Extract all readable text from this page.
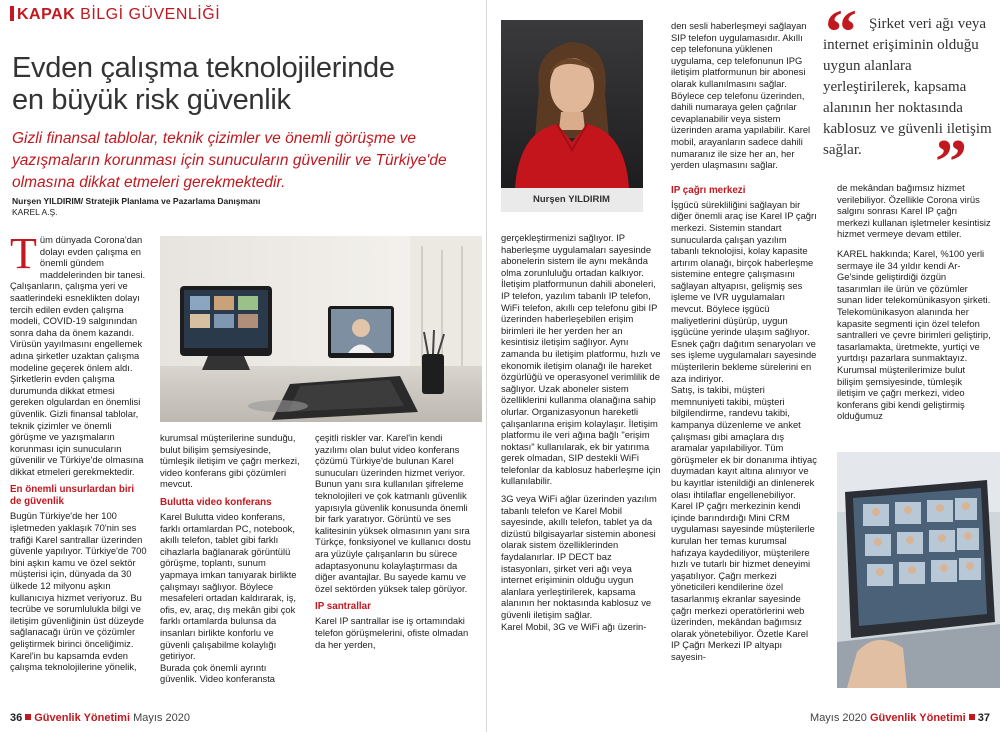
KAPAK BİLGİ GÜVENLİĞİ
Evden çalışma teknolojilerinde
en büyük risk güvenlik
Gizli finansal tablolar, teknik çizimler ve önemli görüşme ve yazışmaların korunması için sunucuların güvenilir ve Türkiye'de olmasına dikkat etmeleri gerekmektedir.
Nurşen YILDIRIM/ Stratejik Planlama ve Pazarlama Danışmanı
KAREL A.Ş.

Tüm dünyada Corona'dan dolayı evden çalışma en önemli gündem maddelerinden bir tanesi. Çalışanların, çalışma yeri ve saatlerindeki esneklikten dolayı tercih edilen evden çalışma modeli, COVID-19 salgınından sonra daha da önem kazandı. Virüsün yayılmasını engellemek adına şirketler uzaktan çalışma modeline geçerek önlem aldı. Şirketlerin evden çalışma durumunda dikkat etmesi gereken olgulardan en önemlisi güvenlik. Gizli finansal tablolar, teknik çizimler ve önemli görüşme ve yazışmaların korunması için sunucuların güvenilir ve Türkiye'de olmasına dikkat etmeleri gerekmektedir.

En önemli unsurlardan biri de güvenlik

Bugün Türkiye'de her 100 işletmeden yaklaşık 70'nin ses trafiği Karel santrallar üzerinden güvenle yapılıyor. Türkiye'de 700 bini aşkın kamu ve özel sektör müşterisi için, dünyada da 30 ülkede 12 milyonu aşkın kullanıcıya hizmet veriyoruz. Bu tecrübe ve sorumlulukla bilgi ve iletişim güvenliğinin üst düzeyde sağlanacağı ürün ve çözümler geliştirmek birinci önceliğimiz.

Karel'in bu kapsamda evden çalışma teknolojilerine yönelik,

kurumsal müşterilerine sunduğu, bulut bilişim şemsiyesinde, tümleşik iletişim ve çağrı merkezi, video konferans gibi çözümleri mevcut.

Bulutta video konferans

Karel Bulutta video konferans, farklı ortamlardan PC, notebook, akıllı telefon, tablet gibi farklı cihazlarla bağlanarak görüntülü görüşme, toplantı, sunum yapmaya imkan tanıyarak birlikte çalışmayı sağlıyor. Böylece mesafeleri ortadan kaldırarak, iş, ofis, ev, araç, dış mekân gibi çok farklı ortamlarda bulunsa da insanları birlikte konforlu ve güvenli çalışabilme kolaylığı getiriyor.

Burada çok önemli ayrıntı güvenlik. Video konferansta

çeşitli riskler var. Karel'in kendi yazılımı olan bulut video konferans çözümü Türkiye'de bulunan Karel sunucuları üzerinden hizmet veriyor. Bunun yanı sıra kullanılan şifreleme teknolojileri ve çok katmanlı güvenlik yapısıyla güvenlik konusunda önemli bir fark yaratıyor. Görüntü ve ses kalitesinin yüksek olmasının yanı sıra Türkçe, fonksiyonel ve kullanıcı dostu ara yüzüyle çalışanların bu sürece adaptasyonunu kolaylaştırması da diğer avantajlar. Bu sayede kamu ve özel sektörden yüksek talep görüyor.

IP santrallar

Karel IP santrallar ise iş ortamındaki telefon görüşmelerini, ofiste olmadan da her yerden,

36 Güvenlik Yönetimi Mayıs 2020
Nurşen YILDIRIM
“ Şirket veri ağı veya internet erişiminin olduğu uygun alanlara yerleştirilerek, kapsama alanının her noktasında kablosuz ve güvenli iletişim sağlar.	”

gerçekleştirmenizi sağlıyor. IP haberleşme uygulamaları sayesinde abonelerin sistem ile aynı mekânda olma zorunluluğu ortadan kalkıyor. İletişim platformunun dahili aboneleri, IP telefon, yazılım tabanlı IP telefon, WiFi telefon, akıllı cep telefonu gibi IP üzerinden haberleşebilen erişim birimleri ile her yerden her an kesintisiz iletişim sağlıyor. Aynı zamanda bu iletişim platformu, hızlı ve ekonomik iletişim olanağı ile hareket özgürlüğü ve operasyonel verimlilik de sağlıyor. Uzak aboneler sistem özelliklerini kullanma olanağına sahip olurlar. Organizasyonun hareketli çalışanlarına erişim kolaylaşır. İletişim platformu ile veri ağına bağlı "erişim noktası" kullanılarak, ek bir yatırıma gerek olmadan, SIP destekli WiFi telefonlar da kablosuz haberleşme için kullanılabilir.

3G veya WiFi ağlar üzerinden yazılım tabanlı telefon ve Karel Mobil sayesinde, akıllı telefon, tablet ya da dizüstü bilgisayarlar sistemin abonesi olarak sistem özelliklerinden faydalanırlar. IP DECT baz istasyonları, şirket veri ağı veya internet erişiminin olduğu uygun alanlara yerleştirilerek, kapsama alanının her noktasında kablosuz ve güvenli iletişim sağlar.

Karel Mobil, 3G ve WiFi ağı üzerin-

den sesli haberleşmeyi sağlayan SIP telefon uygulamasıdır. Akıllı cep telefonuna yüklenen uygulama, cep telefonunun IPG iletişim platformunun bir abonesi olarak kullanılmasını sağlar. Böylece cep telefonu üzerinden, dahili numaraya gelen çağrılar cevaplanabilir veya sistem üzerinden arama yapılabilir. Karel mobil, arayanların sadece dahili numaranız ile size her an, her yerden ulaşmasını sağlar.

IP çağrı merkezi

İşgücü sürekliliğini sağlayan bir diğer önemli araç ise Karel IP çağrı merkezi. Sistemin standart sunucularda çalışan yazılım tabanlı teknolojisi, kolay kapasite artırım olanağı, birçok haberleşme sistemine entegre çalışmasını sağlayan altyapısı, gelişmiş ses işleme ve IVR uygulamaları mevcut. Böylece işgücü maliyetlerini düşürüp, uygun işgücüne yerinde ulaşım sağlıyor. Esnek çağrı dağıtım senaryoları ve ses işleme uygulamaları sayesinde müşterilerin bekleme sürelerini en aza indiriyor.

Satış, is takibi, müşteri memnuniyeti takibi, müşteri bilgilendirme, randevu takibi, kampanya düzenleme ve anket çalışması gibi amaçlara dış aramalar yapılabiliyor. Tüm görüşmeler ek bir donanıma ihtiyaç duymadan kayıt altına alınıyor ve bu kayıtlar istenildiği an dinlenerek olası ihtilaflar engellenebiliyor. Karel IP çağrı merkezinin kendi içinde barındırdığı Mini CRM uygulaması sayesinde müşterilerle kurulan her temas kurumsal hafızaya kaydediliyor, müşterilere hızlı ve tutarlı bir hizmet deneyimi yaşatılıyor. Çağrı merkezi yöneticileri kendilerine özel tasarlanmış ekranlar sayesinde çağrı merkezi operatörlerini web üzerinden, mekândan bağımsız olarak yönetebiliyor. Özetle Karel IP Çağrı Merkezi IP altyapı sayesin-

de mekândan bağımsız hizmet verilebiliyor. Özellikle Corona virüs salgını sonrası Karel IP çağrı merkezi kullanan işletmeler kesintisiz hizmet vermeye devam ettiler.

KAREL hakkında; Karel, %100 yerli sermaye ile 34 yıldır kendi Ar-Ge'sinde geliştirdiği özgün tasarımları ile ürün ve çözümler sunan lider telekomünikasyon şirketi. Telekomünikasyon alanında her kapasite segmenti için özel telefon santralleri ve çevre birimleri geliştirip, tasarlamakta, üretmekte, yurtiçi ve yurtdışı pazarlara sunmaktayız. Kurumsal müşterilerimize bulut bilişim şemsiyesinde, tümleşik iletişim ve çağrı merkezi, video konferans gibi kendi geliştirmiş olduğumuz

Mayıs 2020 Güvenlik Yönetimi 37
